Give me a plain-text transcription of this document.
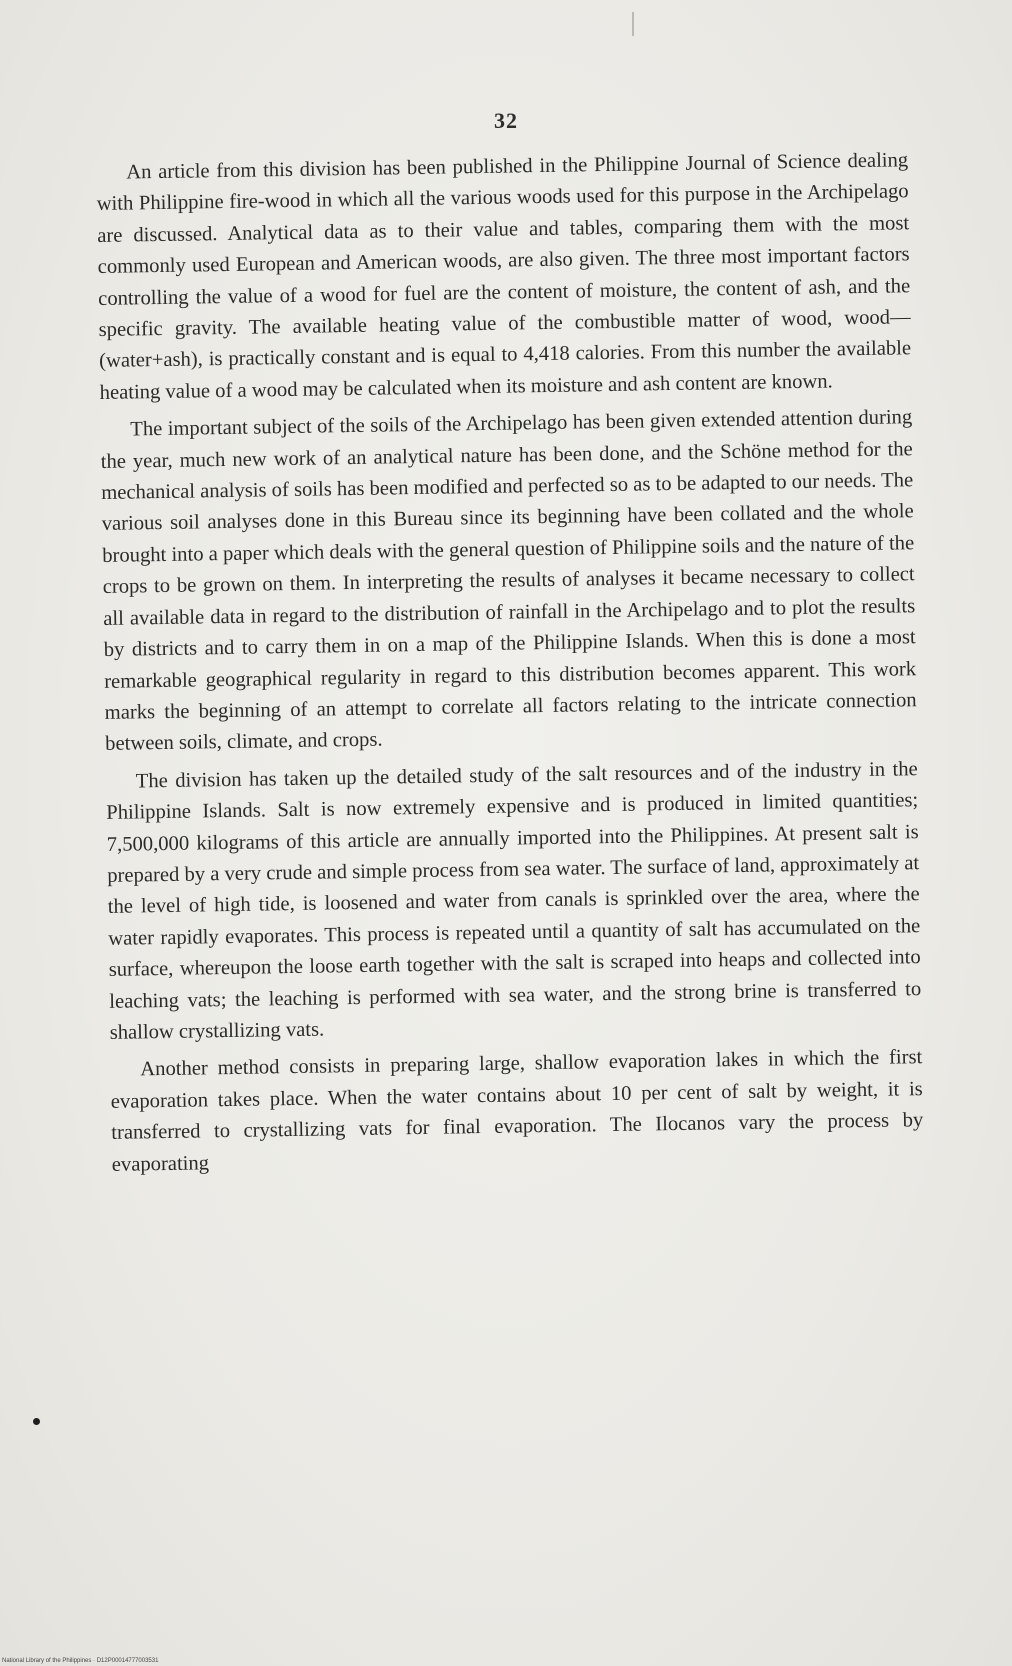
32

An article from this division has been published in the Philippine Journal of Science dealing with Philippine fire-wood in which all the various woods used for this purpose in the Archipelago are discussed. Analytical data as to their value and tables, comparing them with the most commonly used European and American woods, are also given. The three most important factors controlling the value of a wood for fuel are the content of moisture, the content of ash, and the specific gravity. The available heating value of the combustible matter of wood, wood—(water+ash), is practically constant and is equal to 4,418 calories. From this number the available heating value of a wood may be calculated when its moisture and ash content are known.

The important subject of the soils of the Archipelago has been given extended attention during the year, much new work of an analytical nature has been done, and the Schöne method for the mechanical analysis of soils has been modified and perfected so as to be adapted to our needs. The various soil analyses done in this Bureau since its beginning have been collated and the whole brought into a paper which deals with the general question of Philippine soils and the nature of the crops to be grown on them. In interpreting the results of analyses it became necessary to collect all available data in regard to the distribution of rainfall in the Archipelago and to plot the results by districts and to carry them in on a map of the Philippine Islands. When this is done a most remarkable geographical regularity in regard to this distribution becomes apparent. This work marks the beginning of an attempt to correlate all factors relating to the intricate connection between soils, climate, and crops.

The division has taken up the detailed study of the salt resources and of the industry in the Philippine Islands. Salt is now extremely expensive and is produced in limited quantities; 7,500,000 kilograms of this article are annually imported into the Philippines. At present salt is prepared by a very crude and simple process from sea water. The surface of land, approximately at the level of high tide, is loosened and water from canals is sprinkled over the area, where the water rapidly evaporates. This process is repeated until a quantity of salt has accumulated on the surface, whereupon the loose earth together with the salt is scraped into heaps and collected into leaching vats; the leaching is performed with sea water, and the strong brine is transferred to shallow crystallizing vats.

Another method consists in preparing large, shallow evaporation lakes in which the first evaporation takes place. When the water contains about 10 per cent of salt by weight, it is transferred to crystallizing vats for final evaporation. The Ilocanos vary the process by evaporating

National Library of the Philippines · D12P00014777003531
